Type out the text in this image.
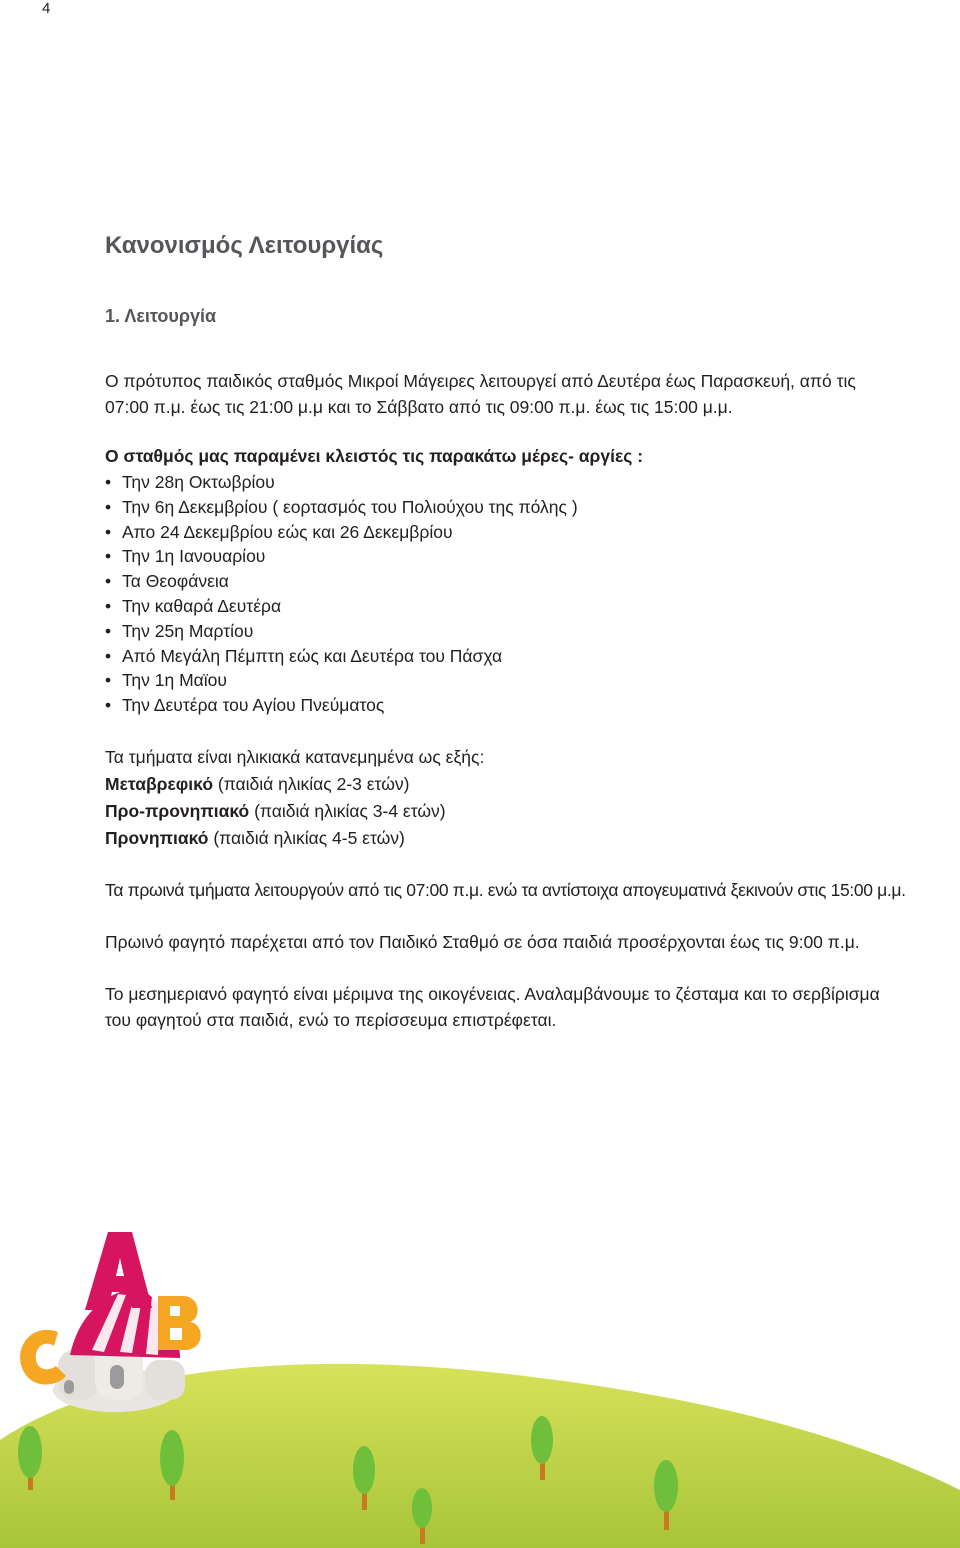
4
Κανονισμός Λειτουργίας
1. Λειτουργία
Ο πρότυπος παιδικός σταθμός Μικροί Μάγειρες λειτουργεί από Δευτέρα έως Παρασκευή, από τις
07:00 π.μ. έως τις 21:00 μ.μ και το Σάββατο από τις 09:00 π.μ. έως τις 15:00 μ.μ.
Ο σταθμός μας παραμένει κλειστός τις παρακάτω μέρες- αργίες :
• Την 28η Οκτωβρίου
• Την 6η Δεκεμβρίου ( εορτασμός του Πολιούχου της πόλης )
• Απο 24 Δεκεμβρίου εώς και 26 Δεκεμβρίου
• Την 1η Ιανουαρίου
• Τα Θεοφάνεια
• Την καθαρά Δευτέρα
• Την 25η Μαρτίου
• Από Μεγάλη Πέμπτη εώς και Δευτέρα του Πάσχα
• Την 1η Μαϊου
• Την Δευτέρα του Αγίου Πνεύματος
Τα τμήματα είναι ηλικιακά κατανεμημένα ως εξής:
Μεταβρεφικό (παιδιά ηλικίας 2-3 ετών)
Προ-προνηπιακό (παιδιά ηλικίας 3-4 ετών)
Προνηπιακό (παιδιά ηλικίας 4-5 ετών)
Τα πρωινά τμήματα λειτουργούν από τις 07:00 π.μ. ενώ τα αντίστοιχα απογευματινά ξεκινούν στις 15:00 μ.μ.
Πρωινό φαγητό παρέχεται από τον Παιδικό Σταθμό σε όσα παιδιά προσέρχονται έως τις 9:00 π.μ.
Το μεσημεριανό φαγητό είναι μέριμνα της οικογένειας. Αναλαμβάνουμε το ζέσταμα και το σερβίρισμα
του φαγητού στα παιδιά, ενώ το περίσσευμα επιστρέφεται.
